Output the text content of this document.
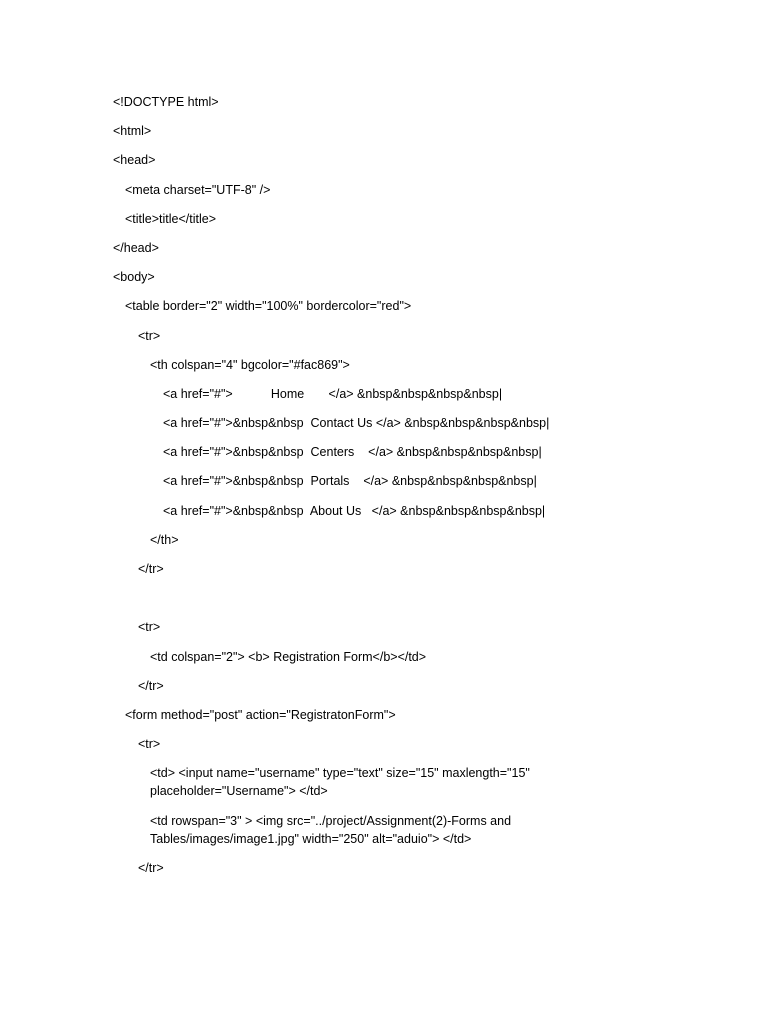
<!DOCTYPE html>
<html>
<head>
<meta charset="UTF-8" />
<title>title</title>
</head>
<body>
<table border="2" width="100%" bordercolor="red">
<tr>
<th colspan="4" bgcolor="#fac869">
<a href="#">           Home       </a> &nbsp&nbsp&nbsp&nbsp|
<a href="#">&nbsp&nbsp  Contact Us </a> &nbsp&nbsp&nbsp&nbsp|
<a href="#">&nbsp&nbsp  Centers    </a> &nbsp&nbsp&nbsp&nbsp|
<a href="#">&nbsp&nbsp  Portals    </a> &nbsp&nbsp&nbsp&nbsp|
<a href="#">&nbsp&nbsp  About Us   </a> &nbsp&nbsp&nbsp&nbsp|
</th>
</tr>
<tr>
<td colspan="2"> <b> Registration Form</b></td>
</tr>
<form method="post" action="RegistratonForm">
<tr>
<td> <input name="username" type="text" size="15" maxlength="15"
placeholder="Username"> </td>
<td rowspan="3" > <img src="../project/Assignment(2)-Forms and
Tables/images/image1.jpg" width="250" alt="aduio"> </td>
</tr>
